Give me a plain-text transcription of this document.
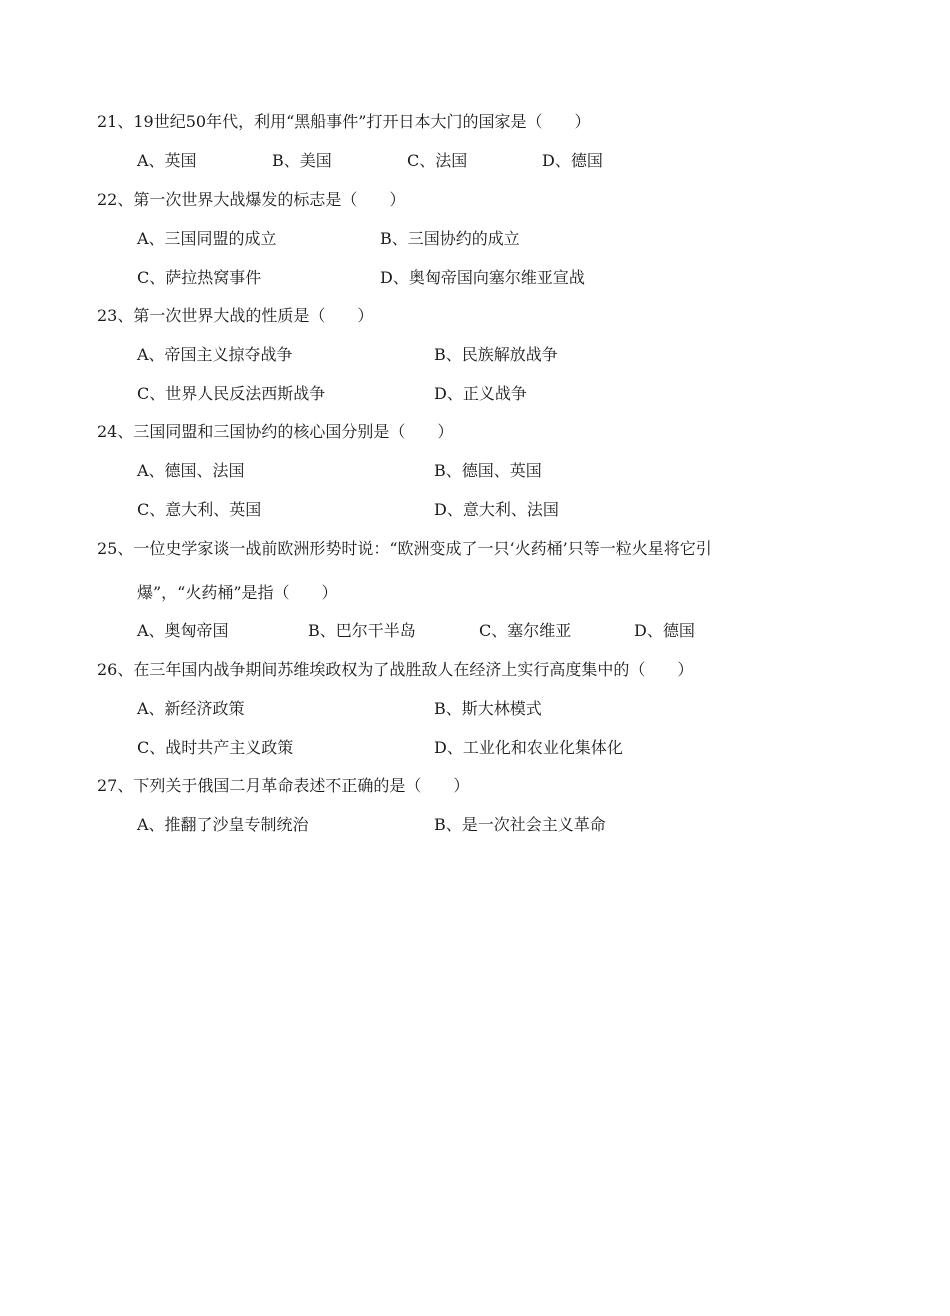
21、19世纪50年代，利用“黑船事件”打开日本大门的国家是（　　）
A、英国	B、美国	C、法国	D、德国
22、第一次世界大战爆发的标志是（　　）
A、三国同盟的成立	B、三国协约的成立
C、萨拉热窝事件	D、奥匈帝国向塞尔维亚宣战
23、第一次世界大战的性质是（　　）
A、帝国主义掠夺战争	B、民族解放战争
C、世界人民反法西斯战争	D、正义战争
24、三国同盟和三国协约的核心国分别是（　　）
A、德国、法国	B、德国、英国
C、意大利、英国	D、意大利、法国
25、一位史学家谈一战前欧洲形势时说：“欧洲变成了一只‘火药桶’只等一粒火星将它引
爆”，“火药桶”是指（　　）
A、奥匈帝国	B、巴尔干半岛	C、塞尔维亚	D、德国
26、在三年国内战争期间苏维埃政权为了战胜敌人在经济上实行高度集中的（　　）
A、新经济政策	B、斯大林模式
C、战时共产主义政策	D、工业化和农业化集体化
27、下列关于俄国二月革命表述不正确的是（　　）
A、推翻了沙皇专制统治	B、是一次社会主义革命
